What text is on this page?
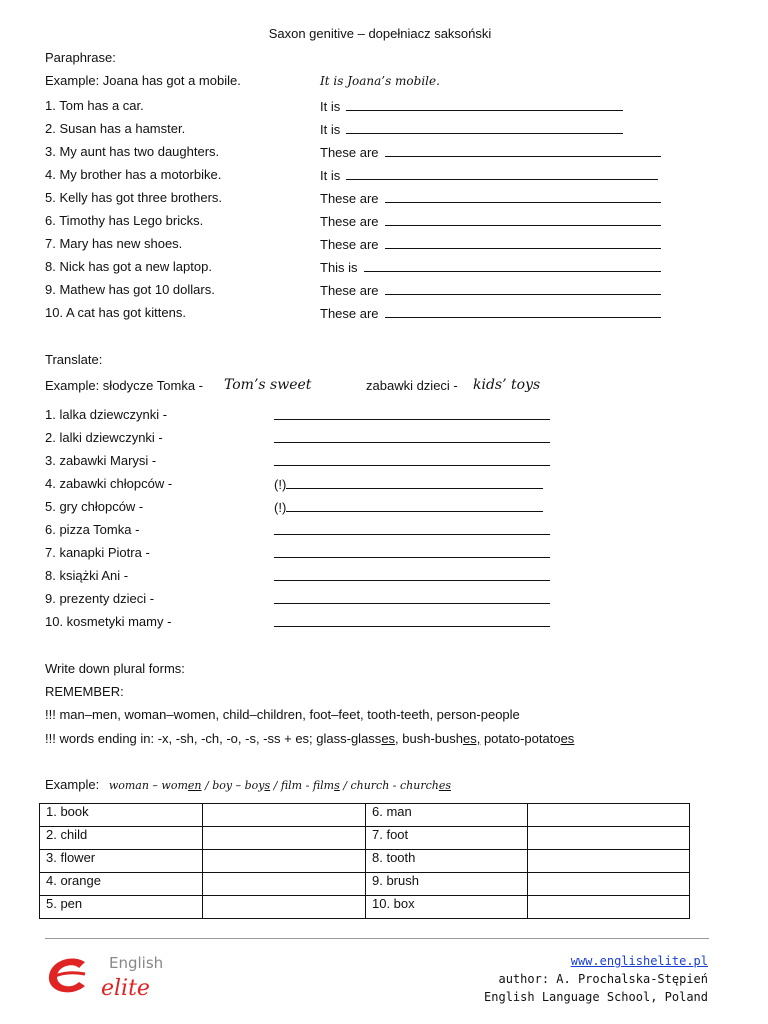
Saxon genitive – dopełniacz saksoński
Paraphrase:
Example: Joana has got a mobile.	It is Joana’s mobile.
1. Tom has a car.	It is
2. Susan has a hamster.	It is
3. My aunt has two daughters.	These are
4. My brother has a motorbike.	It is
5. Kelly has got three brothers.	These are
6. Timothy has Lego bricks.	These are
7. Mary has new shoes.	These are
8. Nick has got a new laptop.	This is
9. Mathew has got 10 dollars.	These are
10. A cat has got kittens.	These are
Translate:
Example: słodycze Tomka - Tom’s sweet	zabawki dzieci - kids’ toys
1. lalka dziewczynki -
2. lalki dziewczynki -
3. zabawki Marysi -
4. zabawki chłopców -	(!)
5. gry chłopców -	(!)
6. pizza Tomka -
7. kanapki Piotra -
8. książki Ani -
9. prezenty dzieci -
10. kosmetyki mamy -
Write down plural forms:
REMEMBER:
!!! man–men, woman–women, child–children, foot–feet, tooth-teeth, person-people
!!! words ending in: -x, -sh, -ch, -o, -s, -ss + es; glass-glasses, bush-bushes, potato-potatoes
Example: woman – women / boy – boys / film - films / church - churches
1. book		6. man	
2. child		7. foot	
3. flower		8. tooth	
4. orange		9. brush	
5. pen		10. box	
English
elite
www.englishelite.pl
author: A. Prochalska-Stępień
English Language School, Poland
